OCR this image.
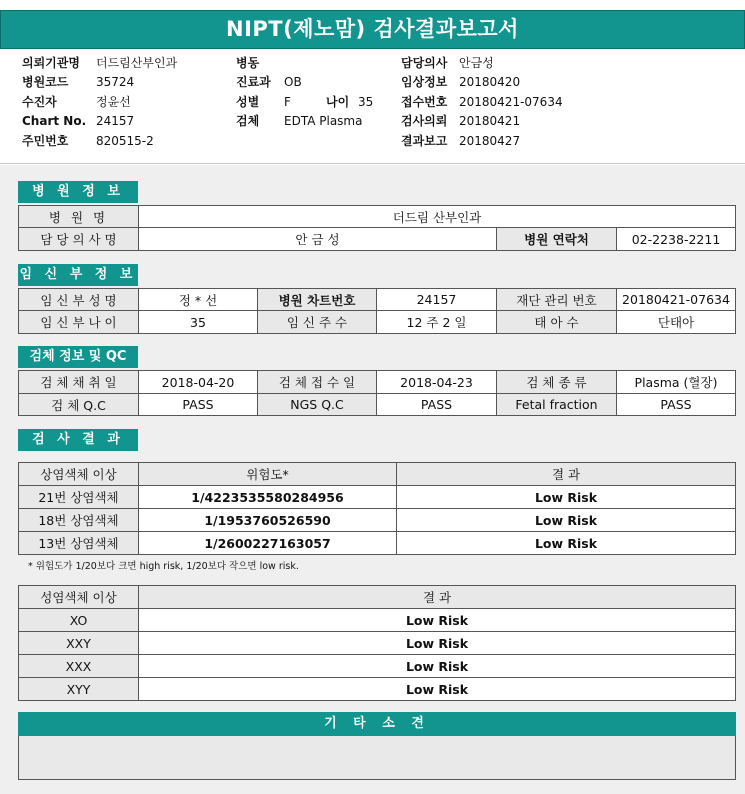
NIPT(제노맘) 검사결과보고서
의뢰기관명 더드림산부인과
병원코드 35724
수진자	정윤선
Chart No. 24157
주민번호 820515-2
병동
진료과 OB
성별 F	나이 35
검체 EDTA Plasma
담당의사 안금성
임상정보 20180420
접수번호 20180421-07634
검사의뢰 20180421
결과보고 20180427
병 원 정 보
병 원 명	더드림 산부인과
담 당 의 사 명	안 금 성	병원 연락처	02-2238-2211
임 신 부 정 보
임 신 부 성 명	정 * 선	병원 차트번호	24157	재단 관리 번호	20180421-07634
임 신 부 나 이	35	임 신 주 수	12 주 2 일	태 아 수	단태아
검체 정보 및 QC
검 체 채 취 일	2018-04-20	검 체 접 수 일	2018-04-23	검 체 종 류	Plasma (혈장)
검 체 Q.C	PASS	NGS Q.C	PASS	Fetal fraction	PASS
검 사 결 과
상염색체 이상	위험도*	결 과
21번 상염색체	1/4223535580284956	Low Risk
18번 상염색체	1/1953760526590	Low Risk
13번 상염색체	1/2600227163057	Low Risk
* 위험도가 1/20보다 크면 high risk, 1/20보다 작으면 low risk.
성염색체 이상	결 과
XO	Low Risk
XXY	Low Risk
XXX	Low Risk
XYY	Low Risk
기 타 소 견
